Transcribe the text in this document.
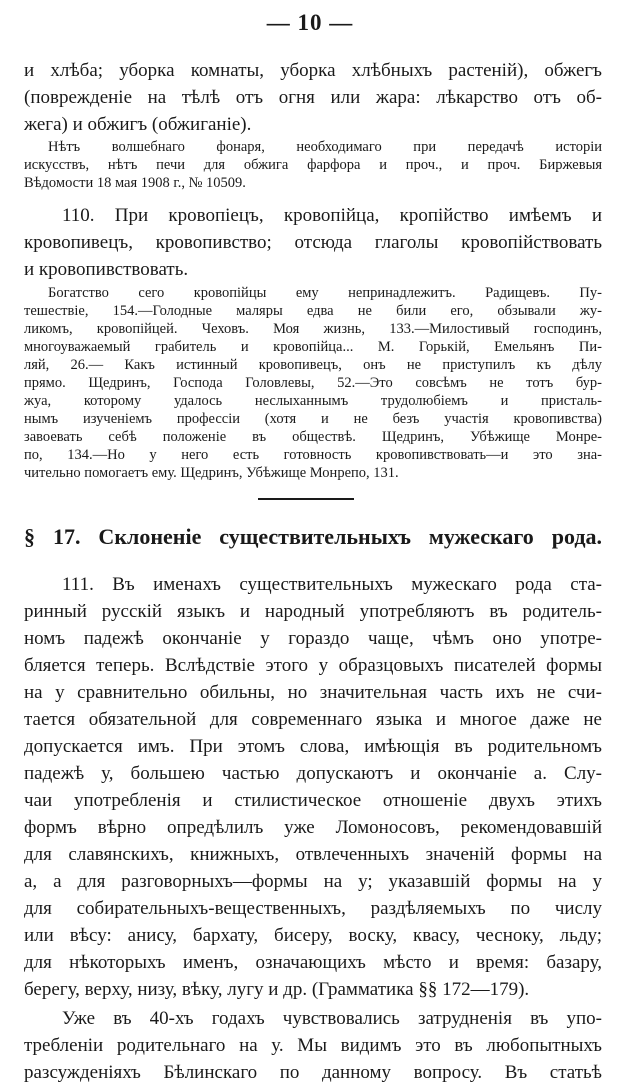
— 10 —

и хлѣба; уборка комнаты, уборка хлѣбныхъ растеній), обжегъ

(поврежденіе на тѣлѣ отъ огня или жара: лѣкарство отъ об-

жега) и обжигъ (обжиганіе).

Нѣтъ волшебнаго фонаря, необходимаго при передачѣ исторіи

искусствъ, нѣтъ печи для обжига фарфора и проч., и проч. Биржевыя

Вѣдомости 18 мая 1908 г., № 10509.

110. При кровопіецъ, кровопійца, кропійство имѣемъ и

кровопивецъ, кровопивство; отсюда глаголы кровопійствовать

и кровопивствовать.

Богатство сего кровопійцы ему непринадлежитъ. Радищевъ. Пу-

тешествіе, 154.—Голодные маляры едва не били его, обзывали жу-

ликомъ, кровопійцей. Чеховъ. Моя жизнь, 133.—Милостивый господинъ,

многоуважаемый грабитель и кровопійца... М. Горькій, Емельянъ Пи-

ляй, 26.— Какъ истинный кровопивецъ, онъ не приступилъ къ дѣлу

прямо. Щедринъ, Господа Головлевы, 52.—Это совсѣмъ не тотъ бур-

жуа, которому удалось неслыханнымъ трудолюбіемъ и присталь-

нымъ изученіемъ профессіи (хотя и не безъ участія кровопивства)

завоевать себѣ положеніе въ обществѣ. Щедринъ, Убѣжище Монре-

по, 134.—Но у него есть готовность кровопивствовать—и это зна-

чительно помогаетъ ему. Щедринъ, Убѣжище Монрепо, 131.

§ 17. Склоненіе существительныхъ мужескаго рода.

111. Въ именахъ существительныхъ мужескаго рода ста-

ринный русскій языкъ и народный употребляютъ въ родитель-

номъ падежѣ окончаніе у гораздо чаще, чѣмъ оно употре-

бляется теперь. Вслѣдствіе этого у образцовыхъ писателей формы

на у сравнительно обильны, но значительная часть ихъ не счи-

тается обязательной для современнаго языка и многое даже не

допускается имъ. При этомъ слова, имѣющія въ родительномъ

падежѣ у, большею частью допускаютъ и окончаніе а. Слу-

чаи употребленія и стилистическое отношеніе двухъ этихъ

формъ вѣрно опредѣлилъ уже Ломоносовъ, рекомендовавшій

для славянскихъ, книжныхъ, отвлеченныхъ значеній формы на

а, а для разговорныхъ—формы на у; указавшій формы на у

для собирательныхъ-вещественныхъ, раздѣляемыхъ по числу

или вѣсу: анису, бархату, бисеру, воску, квасу, чесноку, льду;

для нѣкоторыхъ именъ, означающихъ мѣсто и время: базару,

берегу, верху, низу, вѣку, лугу и др. (Грамматика §§ 172—179).

Уже въ 40-хъ годахъ чувствовались затрудненія въ упо-

требленіи родительнаго на у. Мы видимъ это въ любопытныхъ

разсужденіяхъ Бѣлинскаго по данному вопросу. Въ статьѣ
